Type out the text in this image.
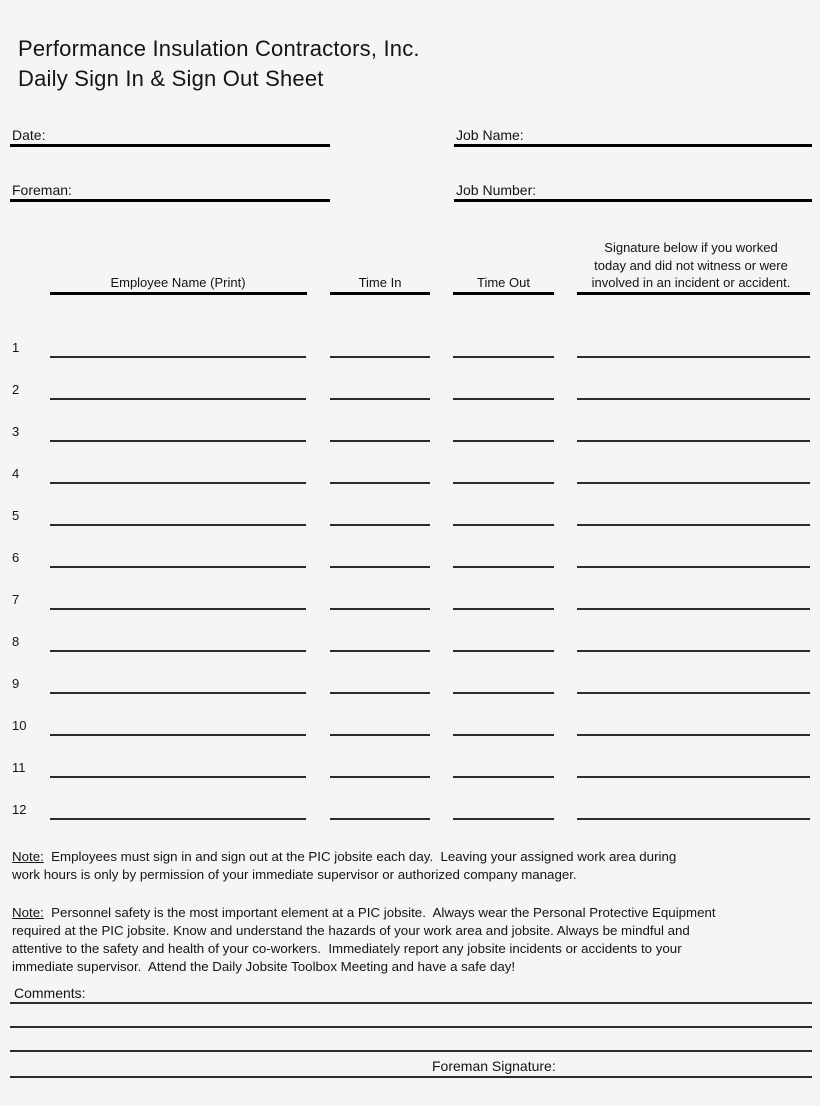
Performance Insulation Contractors, Inc.
Daily Sign In & Sign Out Sheet
Date:	Job Name:
Foreman:	Job Number:
Employee Name (Print)	Time In	Time Out
Signature below if you worked
today and did not witness or were
involved in an incident or accident.
1
2
3
4
5
6
7
8
9
10
11
12
Note:  Employees must sign in and sign out at the PIC jobsite each day.  Leaving your assigned work area during
work hours is only by permission of your immediate supervisor or authorized company manager.
Note:  Personnel safety is the most important element at a PIC jobsite.  Always wear the Personal Protective Equipment
required at the PIC jobsite. Know and understand the hazards of your work area and jobsite. Always be mindful and
attentive to the safety and health of your co-workers.  Immediately report any jobsite incidents or accidents to your
immediate supervisor.  Attend the Daily Jobsite Toolbox Meeting and have a safe day!
Comments:
Foreman Signature:
